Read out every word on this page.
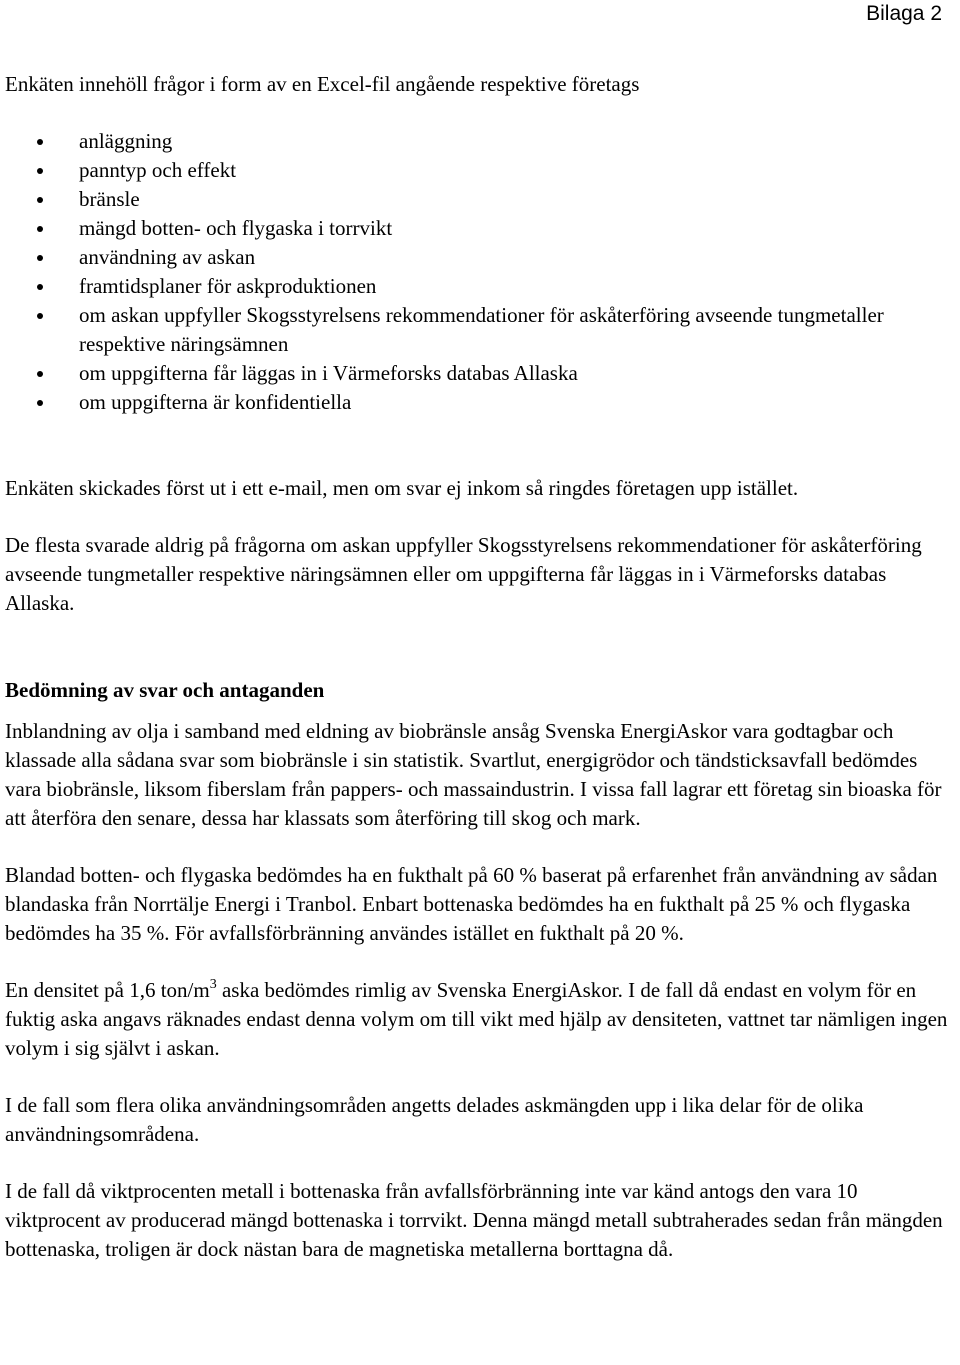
Bilaga 2

Enkäten innehöll frågor i form av en Excel-fil angående respektive företags

anläggning
panntyp och effekt
bränsle
mängd botten- och flygaska i torrvikt
användning av askan
framtidsplaner för askproduktionen
om askan uppfyller Skogsstyrelsens rekommendationer för askåterföring avseende tungmetaller respektive näringsämnen
om uppgifterna får läggas in i Värmeforsks databas Allaska
om uppgifterna är konfidentiella

Enkäten skickades först ut i ett e-mail, men om svar ej inkom så ringdes företagen upp istället.

De flesta svarade aldrig på frågorna om askan uppfyller Skogsstyrelsens rekommendationer för askåterföring avseende tungmetaller respektive näringsämnen eller om uppgifterna får läggas in i Värmeforsks databas Allaska.

Bedömning av svar och antaganden

Inblandning av olja i samband med eldning av biobränsle ansåg Svenska EnergiAskor vara godtagbar och klassade alla sådana svar som biobränsle i sin statistik. Svartlut, energigrödor och tändsticksavfall bedömdes vara biobränsle, liksom fiberslam från pappers- och massaindustrin. I vissa fall lagrar ett företag sin bioaska för att återföra den senare, dessa har klassats som återföring till skog och mark.

Blandad botten- och flygaska bedömdes ha en fukthalt på 60 % baserat på erfarenhet från användning av sådan blandaska från Norrtälje Energi i Tranbol. Enbart bottenaska bedömdes ha en fukthalt på 25 % och flygaska bedömdes ha 35 %. För avfallsförbränning användes istället en fukthalt på 20 %.

En densitet på 1,6 ton/$m^3$ aska bedömdes rimlig av Svenska EnergiAskor. I de fall då endast en volym för en fuktig aska angavs räknades endast denna volym om till vikt med hjälp av densiteten, vattnet tar nämligen ingen volym i sig självt i askan.

I de fall som flera olika användningsområden angetts delades askmängden upp i lika delar för de olika användningsområdena.

I de fall då viktprocenten metall i bottenaska från avfallsförbränning inte var känd antogs den vara 10 viktprocent av producerad mängd bottenaska i torrvikt. Denna mängd metall subtraherades sedan från mängden bottenaska, troligen är dock nästan bara de magnetiska metallerna borttagna då.
